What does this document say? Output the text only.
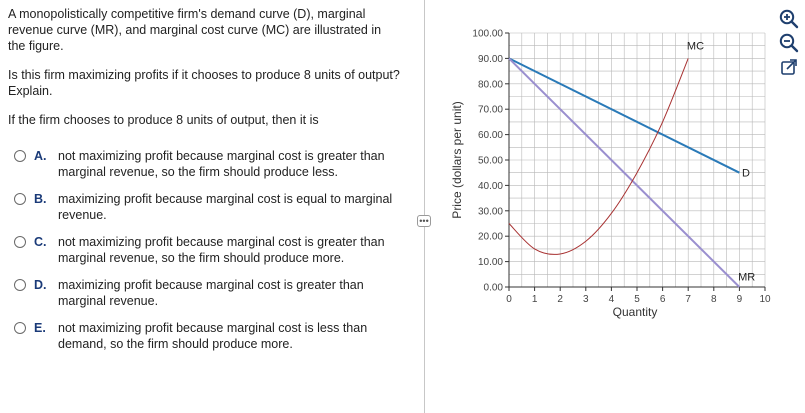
A monopolistically competitive firm's demand curve (D), marginal revenue curve (MR), and marginal cost curve (MC) are illustrated in the figure.

Is this firm maximizing profits if it chooses to produce 8 units of output? Explain.

If the firm chooses to produce 8 units of output, then it is

A. not maximizing profit because marginal cost is greater than marginal revenue, so the firm should produce less.
B. maximizing profit because marginal cost is equal to marginal revenue.
C. not maximizing profit because marginal cost is greater than marginal revenue, so the firm should produce more.
D. maximizing profit because marginal cost is greater than marginal revenue.
E. not maximizing profit because marginal cost is less than demand, so the firm should produce more.
•••
0.00
10.00
20.00
30.00
40.00
50.00
60.00
70.00
80.00
90.00
100.00
0 1 2 3 4 5 6 7 8 9 10
Quantity
Price (dollars per unit)
MC
D
MR
